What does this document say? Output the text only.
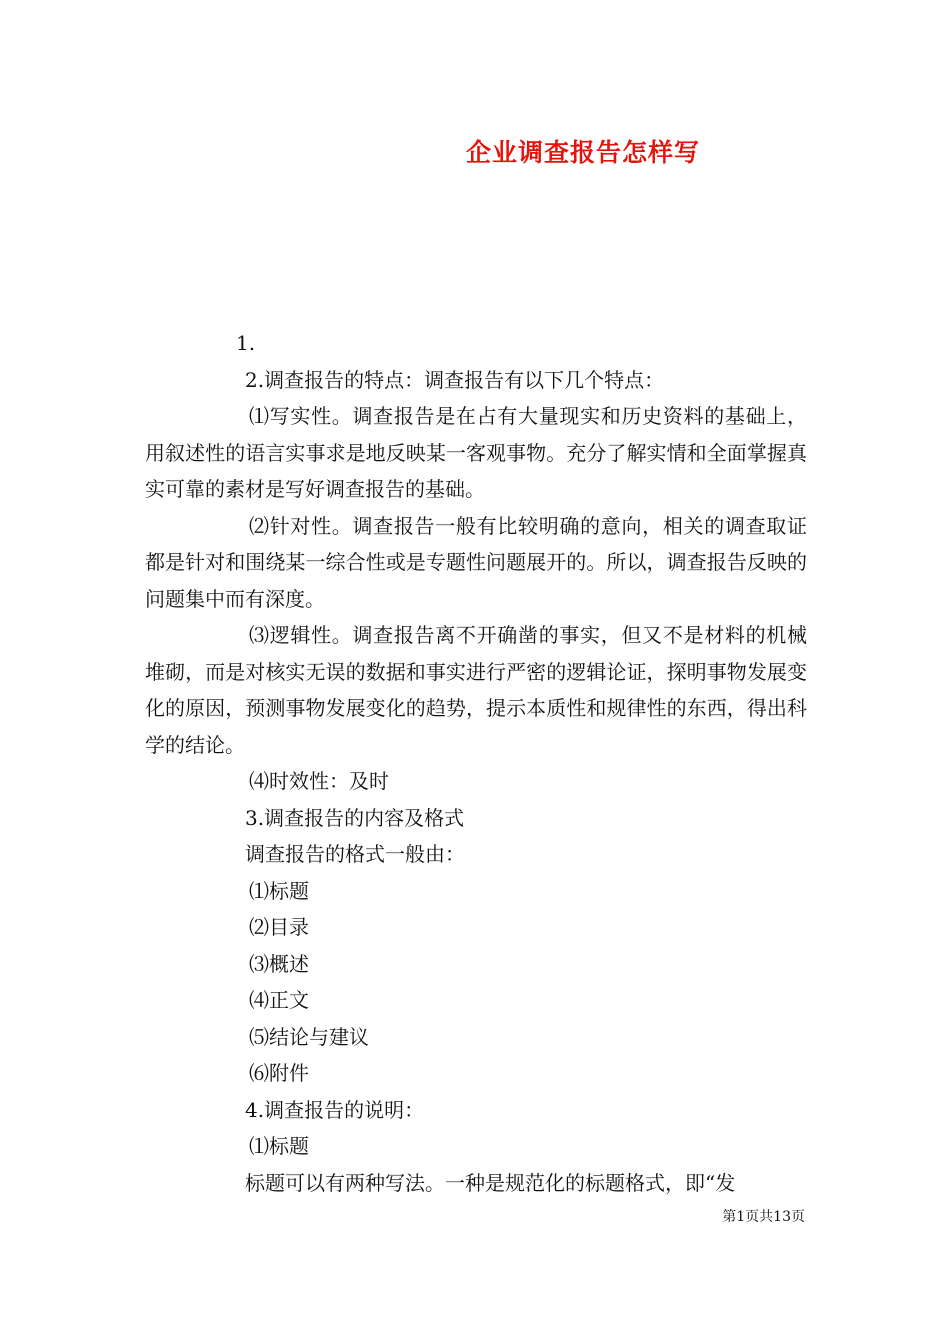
企业调查报告怎样写

1.

2.调查报告的特点：调查报告有以下几个特点：

⑴写实性。调查报告是在占有大量现实和历史资料的基础上，用叙述性的语言实事求是地反映某一客观事物。充分了解实情和全面掌握真实可靠的素材是写好调查报告的基础。

⑵针对性。调查报告一般有比较明确的意向，相关的调查取证都是针对和围绕某一综合性或是专题性问题展开的。所以，调查报告反映的问题集中而有深度。

⑶逻辑性。调查报告离不开确凿的事实，但又不是材料的机械堆砌，而是对核实无误的数据和事实进行严密的逻辑论证，探明事物发展变化的原因，预测事物发展变化的趋势，提示本质性和规律性的东西，得出科学的结论。

⑷时效性：及时

3.调查报告的内容及格式

调查报告的格式一般由：

⑴标题

⑵目录

⑶概述

⑷正文

⑸结论与建议

⑹附件

4.调查报告的说明：

⑴标题

标题可以有两种写法。一种是规范化的标题格式，即“发

第1页共13页
